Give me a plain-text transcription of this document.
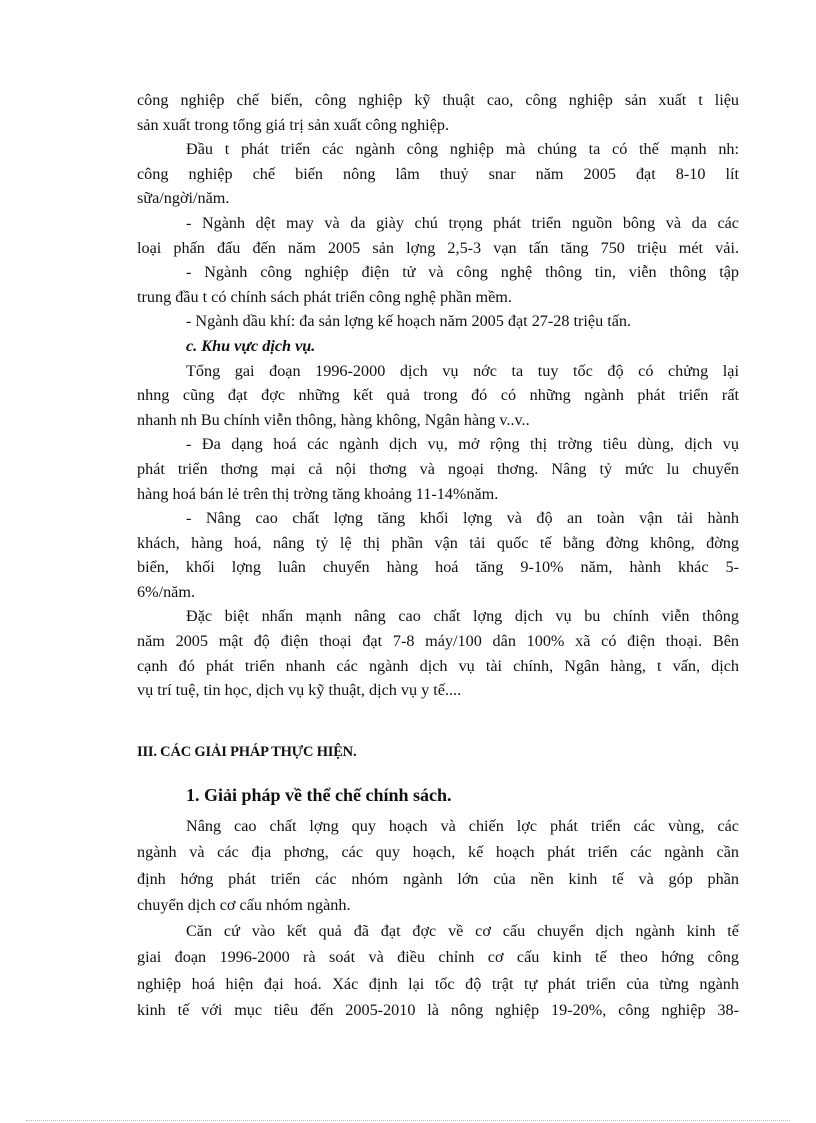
công nghiệp chế biến, công nghiệp kỹ thuật cao, công nghiệp sản xuất t liệu
sản xuất trong tổng giá trị sản xuất công nghiệp.
Đầu t phát triển các ngành công nghiệp mà chúng ta có thế mạnh nh:
công nghiệp chế biến nông lâm thuỷ snar năm 2005 đạt 8-10 lít
sữa/ngời/năm.
- Ngành dệt may và da giày chú trọng phát triển nguồn bông và da các
loại phấn đấu đến năm 2005 sản lợng 2,5-3 vạn tấn tăng 750 triệu mét vải.
- Ngành công nghiệp điện tử và công nghệ thông tin, viễn thông tập
trung đầu t có chính sách phát triển công nghệ phần mềm.
- Ngành dầu khí: đa sản lợng kế hoạch năm 2005 đạt 27-28 triệu tấn.
c. Khu vực dịch vụ.
Tổng gai đoạn 1996-2000 dịch vụ nớc ta tuy tốc độ có chửng lại
nhng cũng đạt đợc những kết quả trong đó có những ngành phát triển rất
nhanh nh Bu chính viễn thông, hàng không, Ngân hàng v..v..
- Đa dạng hoá các ngành dịch vụ, mở rộng thị trờng tiêu dùng, dịch vụ
phát triển thơng mại cả nội thơng và ngoại thơng. Nâng tỷ mức lu chuyển
hàng hoá bán lẻ trên thị trờng tăng khoảng 11-14%năm.
- Nâng cao chất lợng tăng khối lợng và độ an toàn vận tải hành
khách, hàng hoá, nâng tỷ lệ thị phần vận tải quốc tế bằng đờng không, đờng
biển, khối lợng luân chuyển hàng hoá tăng 9-10% năm, hành khác 5-
6%/năm.
Đặc biệt nhấn mạnh nâng cao chất lợng dịch vụ bu chính viễn thông
năm 2005 mật độ điện thoại đạt 7-8 máy/100 dân 100% xã có điện thoại. Bên
cạnh đó phát triển nhanh các ngành dịch vụ tài chính, Ngân hàng, t vấn, dịch
vụ trí tuệ, tin học, dịch vụ kỹ thuật, dịch vụ y tế....
III. CÁC GIẢI PHÁP THỰC HIỆN.
1. Giải pháp về thể chế chính sách.
Nâng cao chất lợng quy hoạch và chiến lợc phát triển các vùng, các
ngành và các địa phơng, các quy hoạch, kế hoạch phát triển các ngành cần
định hớng phát triển các nhóm ngành lớn của nền kinh tế và góp phần
chuyển dịch cơ cấu nhóm ngành.
Căn cứ vào kết quả đã đạt đợc về cơ cấu chuyển dịch ngành kinh tế
giai đoạn 1996-2000 rà soát và điều chỉnh cơ cấu kinh tế theo hớng công
nghiệp hoá hiện đại hoá. Xác định lại tốc độ trật tự phát triển của từng ngành
kinh tế với mục tiêu đến 2005-2010 là nông nghiệp 19-20%, công nghiệp 38-
